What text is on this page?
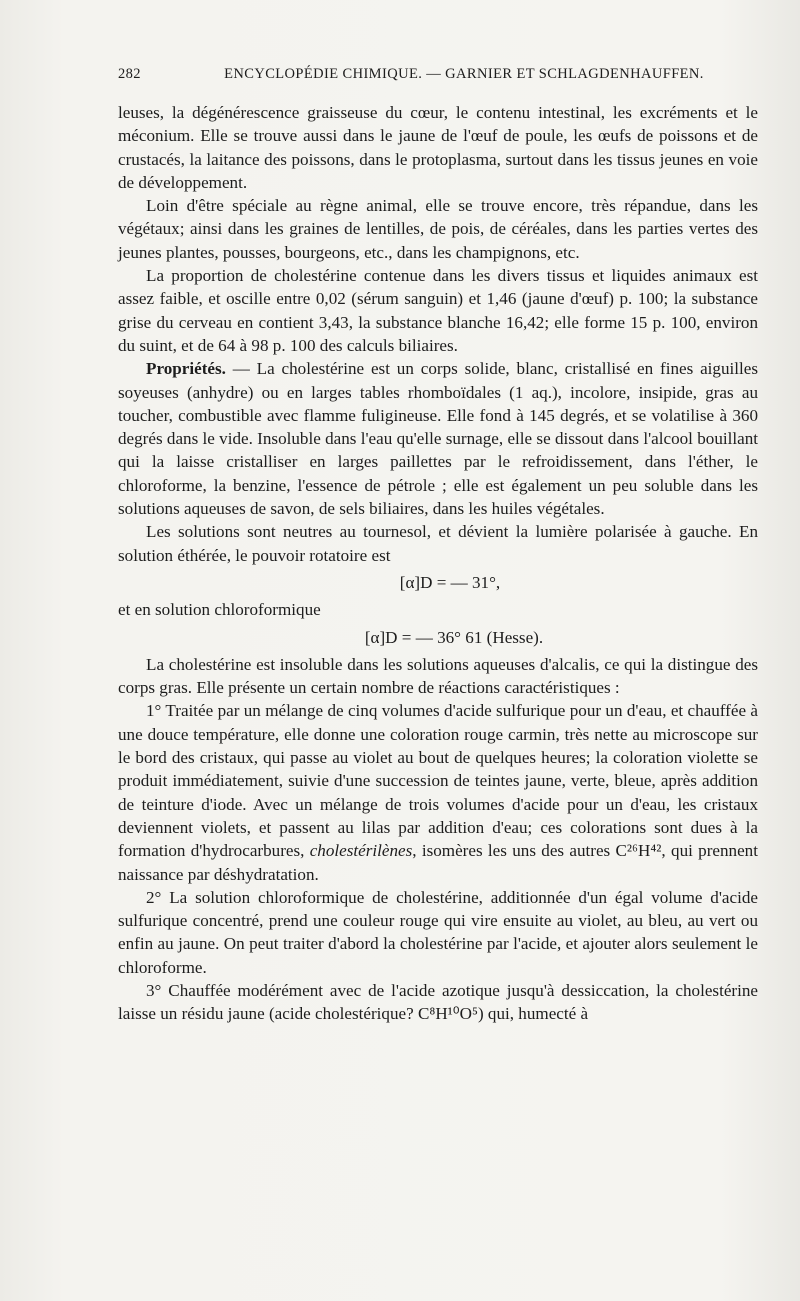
282	ENCYCLOPÉDIE CHIMIQUE. — GARNIER ET SCHLAGDENHAUFFEN.

leuses, la dégénérescence graisseuse du cœur, le contenu intestinal, les excréments et le méconium. Elle se trouve aussi dans le jaune de l'œuf de poule, les œufs de poissons et de crustacés, la laitance des poissons, dans le protoplasma, surtout dans les tissus jeunes en voie de développement.

Loin d'être spéciale au règne animal, elle se trouve encore, très répandue, dans les végétaux; ainsi dans les graines de lentilles, de pois, de céréales, dans les parties vertes des jeunes plantes, pousses, bourgeons, etc., dans les champignons, etc.

La proportion de cholestérine contenue dans les divers tissus et liquides animaux est assez faible, et oscille entre 0,02 (sérum sanguin) et 1,46 (jaune d'œuf) p. 100; la substance grise du cerveau en contient 3,43, la substance blanche 16,42; elle forme 15 p. 100, environ du suint, et de 64 à 98 p. 100 des calculs biliaires.

Propriétés. — La cholestérine est un corps solide, blanc, cristallisé en fines aiguilles soyeuses (anhydre) ou en larges tables rhomboïdales (1 aq.), incolore, insipide, gras au toucher, combustible avec flamme fuligineuse. Elle fond à 145 degrés, et se volatilise à 360 degrés dans le vide. Insoluble dans l'eau qu'elle surnage, elle se dissout dans l'alcool bouillant qui la laisse cristalliser en larges paillettes par le refroidissement, dans l'éther, le chloroforme, la benzine, l'essence de pétrole ; elle est également un peu soluble dans les solutions aqueuses de savon, de sels biliaires, dans les huiles végétales.

Les solutions sont neutres au tournesol, et dévient la lumière polarisée à gauche. En solution éthérée, le pouvoir rotatoire est

[α]D = — 31°,

et en solution chloroformique

[α]D = — 36° 61 (Hesse).

La cholestérine est insoluble dans les solutions aqueuses d'alcalis, ce qui la distingue des corps gras. Elle présente un certain nombre de réactions caractéristiques :

1° Traitée par un mélange de cinq volumes d'acide sulfurique pour un d'eau, et chauffée à une douce température, elle donne une coloration rouge carmin, très nette au microscope sur le bord des cristaux, qui passe au violet au bout de quelques heures; la coloration violette se produit immédiatement, suivie d'une succession de teintes jaune, verte, bleue, après addition de teinture d'iode. Avec un mélange de trois volumes d'acide pour un d'eau, les cristaux deviennent violets, et passent au lilas par addition d'eau; ces colorations sont dues à la formation d'hydrocarbures, cholestérilènes, isomères les uns des autres C²⁶H⁴², qui prennent naissance par déshydratation.

2° La solution chloroformique de cholestérine, additionnée d'un égal volume d'acide sulfurique concentré, prend une couleur rouge qui vire ensuite au violet, au bleu, au vert ou enfin au jaune. On peut traiter d'abord la cholestérine par l'acide, et ajouter alors seulement le chloroforme.

3° Chauffée modérément avec de l'acide azotique jusqu'à dessiccation, la cholestérine laisse un résidu jaune (acide cholestérique? C⁸H¹⁰O⁵) qui, humecté à
